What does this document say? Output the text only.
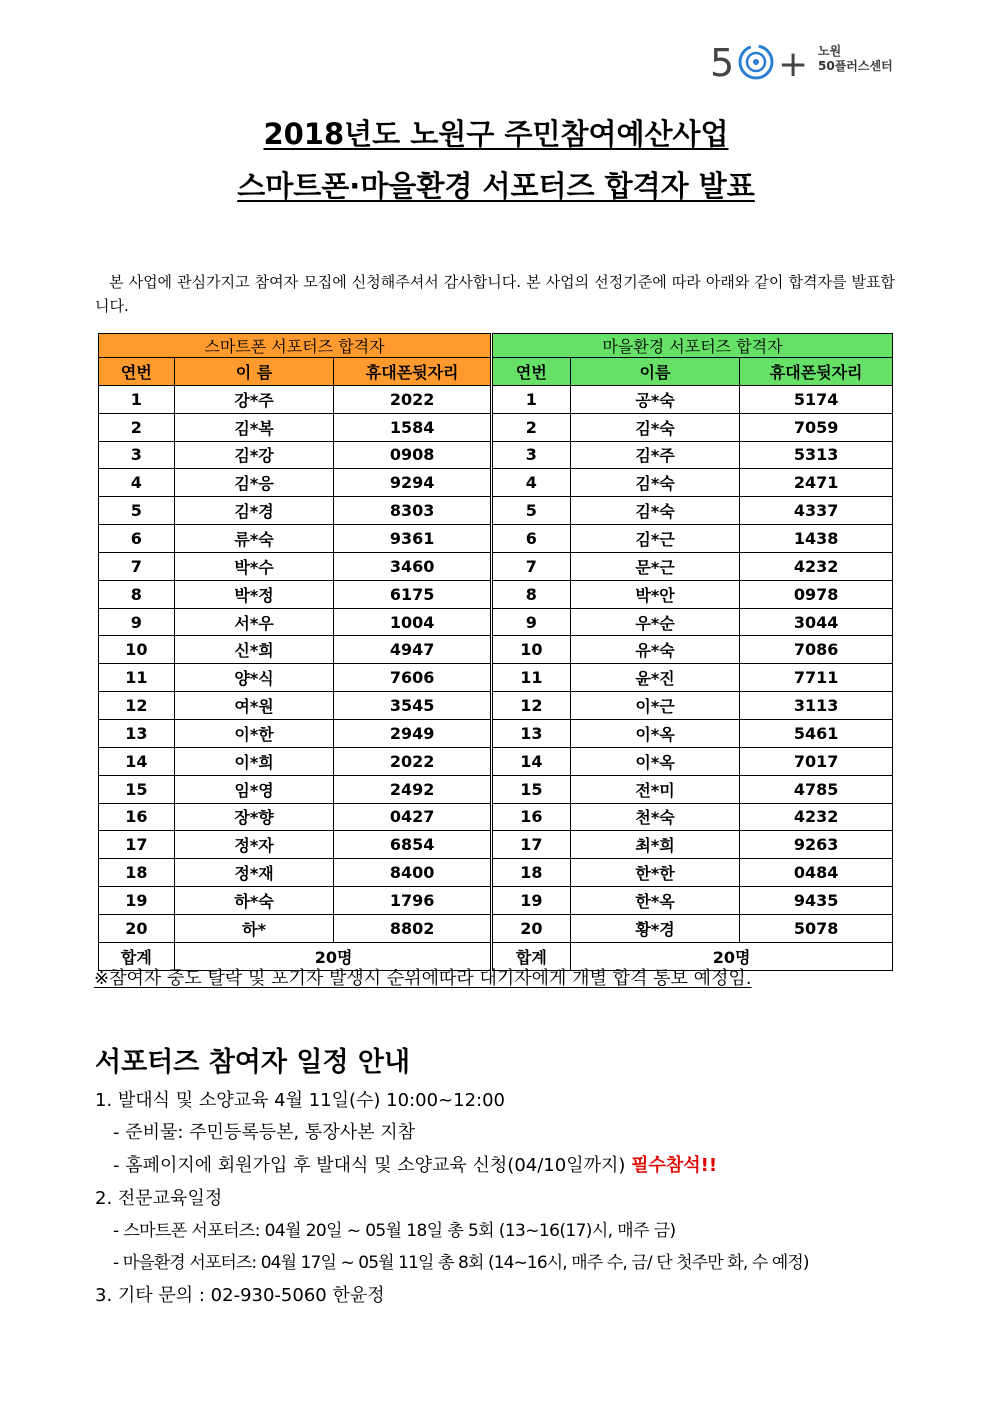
5 + 노원
50플러스센터
2018년도 노원구 주민참여예산사업
스마트폰·마을환경 서포터즈 합격자 발표
본 사업에 관심가지고 참여자 모집에 신청해주셔서 감사합니다. 본 사업의 선정기준에 따라 아래와 같이 합격자를 발표합니다.
스마트폰 서포터즈 합격자		
연번	이 름	휴대폰뒷자리
1	강*주	2022
2	김*복	1584
3	김*강	0908
4	김*응	9294
5	김*경	8303
6	류*숙	9361
7	박*수	3460
8	박*정	6175
9	서*우	1004
10	신*희	4947
11	양*식	7606
12	여*원	3545
13	이*한	2949
14	이*희	2022
15	임*영	2492
16	장*향	0427
17	정*자	6854
18	정*재	8400
19	하*숙	1796
20	하*	8802
합계	20명	
마을환경 서포터즈 합격자		
연번	이름	휴대폰뒷자리
1	공*숙	5174
2	김*숙	7059
3	김*주	5313
4	김*숙	2471
5	김*숙	4337
6	김*근	1438
7	문*근	4232
8	박*안	0978
9	우*순	3044
10	유*숙	7086
11	윤*진	7711
12	이*근	3113
13	이*옥	5461
14	이*옥	7017
15	전*미	4785
16	천*숙	4232
17	최*희	9263
18	한*한	0484
19	한*옥	9435
20	황*경	5078
합계	20명	
※참여자 중도 탈락 및 포기자 발생시 순위에따라 대기자에게 개별 합격 통보 예정임.
서포터즈 참여자 일정 안내
1. 발대식 및 소양교육 4월 11일(수) 10:00~12:00
- 준비물: 주민등록등본, 통장사본 지참
- 홈페이지에 회원가입 후 발대식 및 소양교육 신청(04/10일까지) 필수참석!!
2. 전문교육일정
- 스마트폰 서포터즈: 04월 20일 ~ 05월 18일 총 5회 (13~16(17)시, 매주 금)
- 마을환경 서포터즈: 04월 17일 ~ 05월 11일 총 8회 (14~16시, 매주 수, 금/ 단 첫주만 화, 수 예정)
3. 기타 문의 : 02-930-5060 한윤정
